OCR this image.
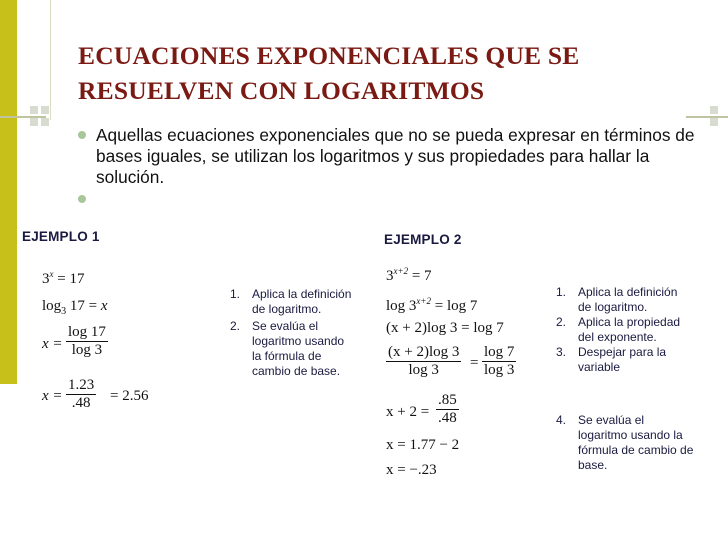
ECUACIONES EXPONENCIALES QUE SE
RESUELVEN CON LOGARITMOS
Aquellas ecuaciones exponenciales que no se pueda expresar en términos de bases iguales, se utilizan los logaritmos y sus propiedades para hallar la solución.
EJEMPLO 1
$3^x = 17$
$\log_3 17 = x$
$x = \frac{\log 17}{\log 3}$
$x = \frac{1.23}{.48} = 2.56$
1. Aplica la definición
de logaritmo.
2. Se evalúa el
logaritmo usando
la fórmula de
cambio de base.
EJEMPLO 2
$3^{x+2} = 7$
$\log 3^{x+2} = \log 7$
(x + 2)log 3 = log 7
$\frac{(x + 2)\log 3}{\log 3} = \frac{\log 7}{\log 3}$
$x + 2 = \frac{.85}{.48}$
x = 1.77 − 2
x = −.23
1. Aplica la definición
de logaritmo.
2. Aplica la propiedad
del exponente.
3. Despejar para la
variable
4. Se evalúa el
logaritmo usando la
fórmula de cambio de
base.
